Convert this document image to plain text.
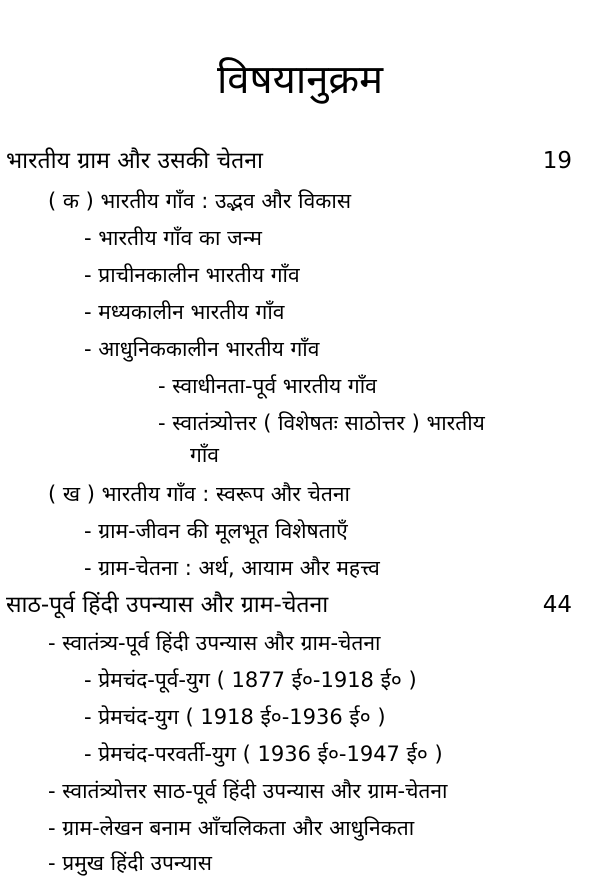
विषयानुक्रम
भारतीय ग्राम और उसकी चेतना	19
( क ) भारतीय गाँव : उद्भव और विकास
- भारतीय गाँव का जन्म
- प्राचीनकालीन भारतीय गाँव
- मध्यकालीन भारतीय गाँव
- आधुनिककालीन भारतीय गाँव
- स्वाधीनता-पूर्व भारतीय गाँव
- स्वातंत्र्योत्तर ( विशेषतः साठोत्तर ) भारतीय
गाँव
( ख ) भारतीय गाँव : स्वरूप और चेतना
- ग्राम-जीवन की मूलभूत विशेषताएँ
- ग्राम-चेतना : अर्थ, आयाम और महत्त्व
साठ-पूर्व हिंदी उपन्यास और ग्राम-चेतना	44
- स्वातंत्र्य-पूर्व हिंदी उपन्यास और ग्राम-चेतना
- प्रेमचंद-पूर्व-युग ( 1877 ई०-1918 ई० )
- प्रेमचंद-युग ( 1918 ई०-1936 ई० )
- प्रेमचंद-परवर्ती-युग ( 1936 ई०-1947 ई० )
- स्वातंत्र्योत्तर साठ-पूर्व हिंदी उपन्यास और ग्राम-चेतना
- ग्राम-लेखन बनाम आँचलिकता और आधुनिकता
- प्रमुख हिंदी उपन्यास
